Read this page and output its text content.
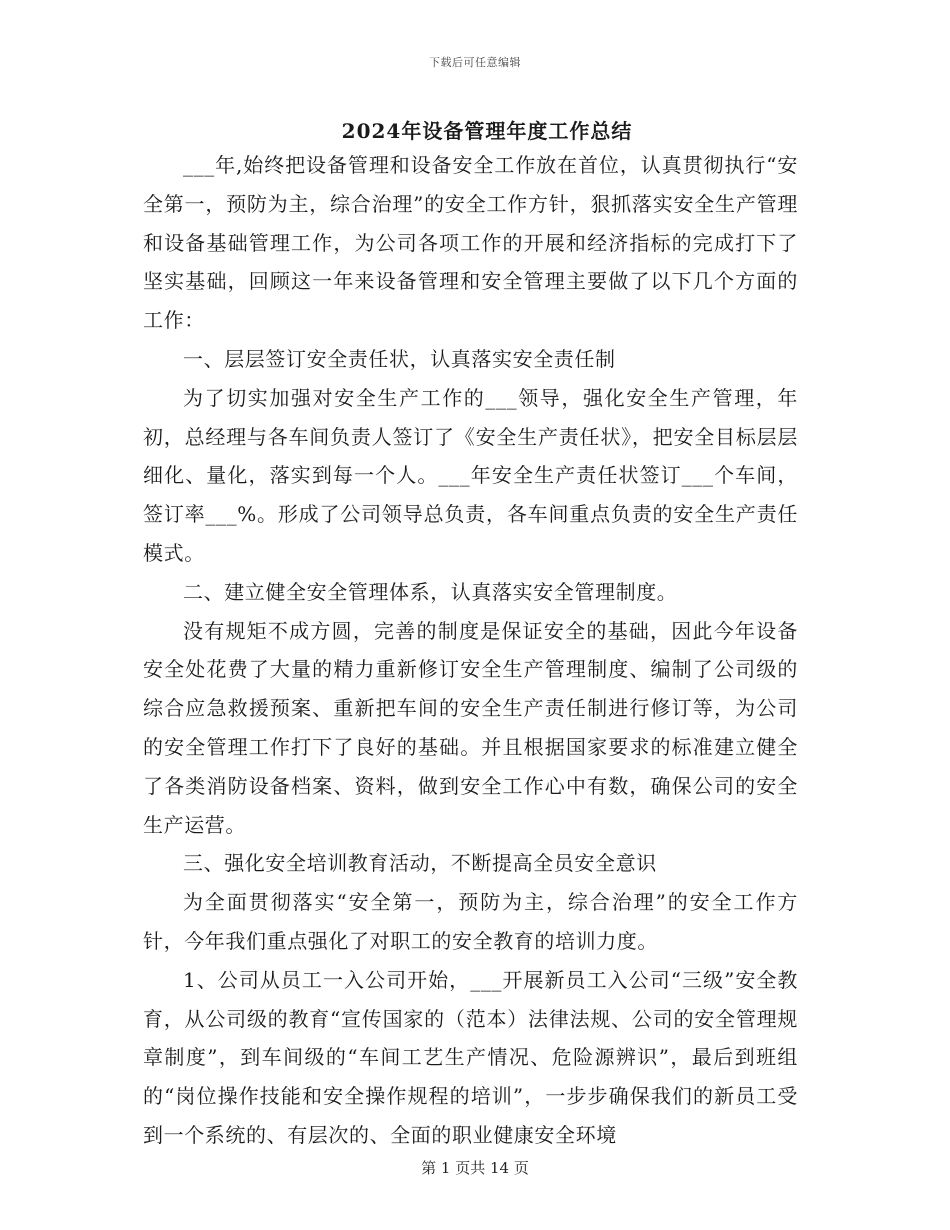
下载后可任意编辑
2024年设备管理年度工作总结

___年,始终把设备管理和设备安全工作放在首位，认真贯彻执行“安全第一，预防为主，综合治理”的安全工作方针，狠抓落实安全生产管理和设备基础管理工作，为公司各项工作的开展和经济指标的完成打下了坚实基础，回顾这一年来设备管理和安全管理主要做了以下几个方面的工作：

一、层层签订安全责任状，认真落实安全责任制

为了切实加强对安全生产工作的___领导，强化安全生产管理，年初，总经理与各车间负责人签订了《安全生产责任状》，把安全目标层层细化、量化，落实到每一个人。___年安全生产责任状签订___个车间，签订率___%。形成了公司领导总负责，各车间重点负责的安全生产责任模式。

二、建立健全安全管理体系，认真落实安全管理制度。

没有规矩不成方圆，完善的制度是保证安全的基础，因此今年设备安全处花费了大量的精力重新修订安全生产管理制度、编制了公司级的综合应急救援预案、重新把车间的安全生产责任制进行修订等，为公司的安全管理工作打下了良好的基础。并且根据国家要求的标准建立健全了各类消防设备档案、资料，做到安全工作心中有数，确保公司的安全生产运营。

三、强化安全培训教育活动，不断提高全员安全意识

为全面贯彻落实“安全第一，预防为主，综合治理”的安全工作方针，今年我们重点强化了对职工的安全教育的培训力度。

1、公司从员工一入公司开始，___开展新员工入公司“三级”安全教育，从公司级的教育“宣传国家的（范本）法律法规、公司的安全管理规章制度”，到车间级的“车间工艺生产情况、危险源辨识”，最后到班组的“岗位操作技能和安全操作规程的培训”，一步步确保我们的新员工受到一个系统的、有层次的、全面的职业健康安全环境

第 1 页共 14 页
